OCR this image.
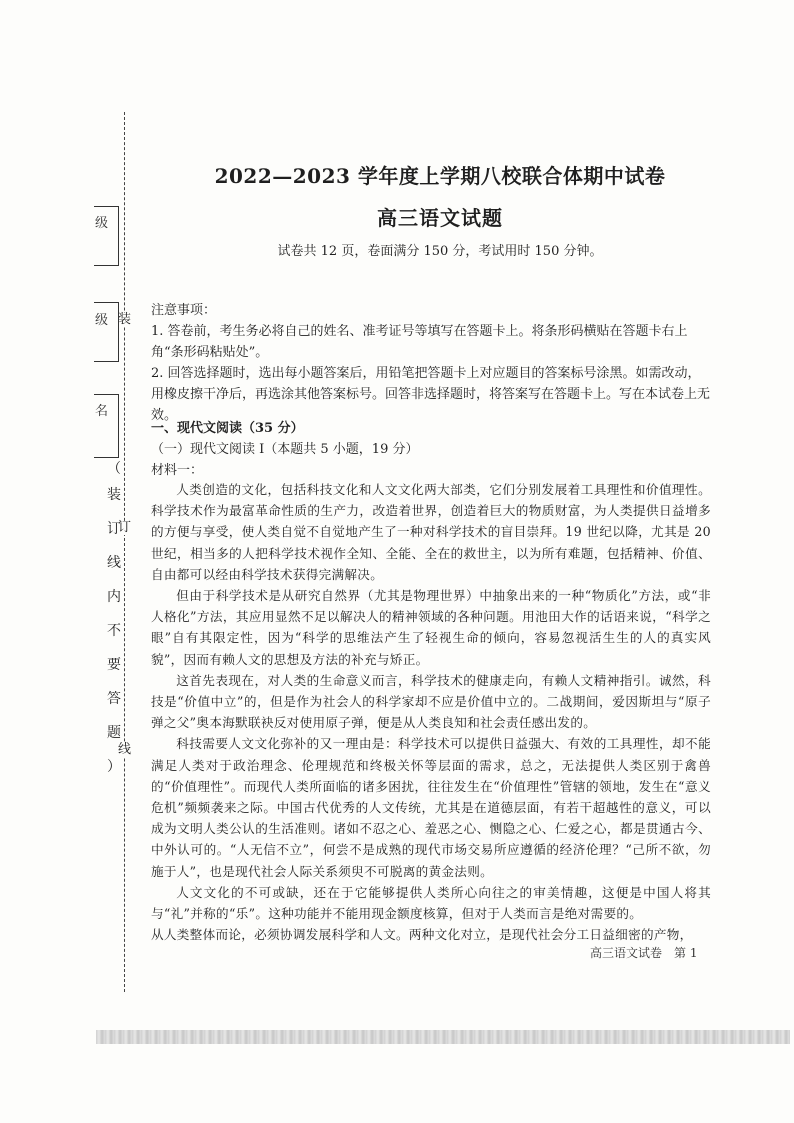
装
订
线
级
级
名
（
装
订
线
内
不
要
答
题
）
2022—2023 学年度上学期八校联合体期中试卷
高三语文试题
试卷共 12 页，卷面满分 150 分，考试用时 150 分钟。
注意事项：
1. 答卷前，考生务必将自己的姓名、准考证号等填写在答题卡上。将条形码横贴在答题卡右上角“条形码粘贴处”。
2. 回答选择题时，选出每小题答案后，用铅笔把答题卡上对应题目的答案标号涂黑。如需改动，用橡皮擦干净后，再选涂其他答案标号。回答非选择题时，将答案写在答题卡上。写在本试卷上无效。
一、现代文阅读（35 分）
（一）现代文阅读 I（本题共 5 小题，19 分）
材料一：

人类创造的文化，包括科技文化和人文文化两大部类，它们分别发展着工具理性和价值理性。科学技术作为最富革命性质的生产力，改造着世界，创造着巨大的物质财富，为人类提供日益增多的方便与享受，使人类自觉不自觉地产生了一种对科学技术的盲目崇拜。19 世纪以降，尤其是 20 世纪，相当多的人把科学技术视作全知、全能、全在的救世主，以为所有难题，包括精神、价值、自由都可以经由科学技术获得完满解决。

但由于科学技术是从研究自然界（尤其是物理世界）中抽象出来的一种“物质化”方法，或“非人格化”方法，其应用显然不足以解决人的精神领域的各种问题。用池田大作的话语来说，“科学之眼”自有其限定性，因为“科学的思维法产生了轻视生命的倾向，容易忽视活生生的人的真实风貌”，因而有赖人文的思想及方法的补充与矫正。

这首先表现在，对人类的生命意义而言，科学技术的健康走向，有赖人文精神指引。诚然，科技是“价值中立”的，但是作为社会人的科学家却不应是价值中立的。二战期间，爱因斯坦与“原子弹之父”奥本海默联袂反对使用原子弹，便是从人类良知和社会责任感出发的。

科技需要人文文化弥补的又一理由是：科学技术可以提供日益强大、有效的工具理性，却不能满足人类对于政治理念、伦理规范和终极关怀等层面的需求，总之，无法提供人类区别于禽兽的“价值理性”。而现代人类所面临的诸多困扰，往往发生在“价值理性”管辖的领地，发生在“意义危机”频频袭来之际。中国古代优秀的人文传统，尤其是在道德层面，有若干超越性的意义，可以成为文明人类公认的生活准则。诸如不忍之心、羞恶之心、恻隐之心、仁爱之心，都是贯通古今、中外认可的。“人无信不立”，何尝不是成熟的现代市场交易所应遵循的经济伦理？“己所不欲，勿施于人”，也是现代社会人际关系须臾不可脱离的黄金法则。

人文文化的不可或缺，还在于它能够提供人类所心向往之的审美情趣，这便是中国人将其与“礼”并称的“乐”。这种功能并不能用现金额度核算，但对于人类而言是绝对需要的。

从人类整体而论，必须协调发展科学和人文。两种文化对立，是现代社会分工日益细密的产物，

高三语文试卷　第 1
